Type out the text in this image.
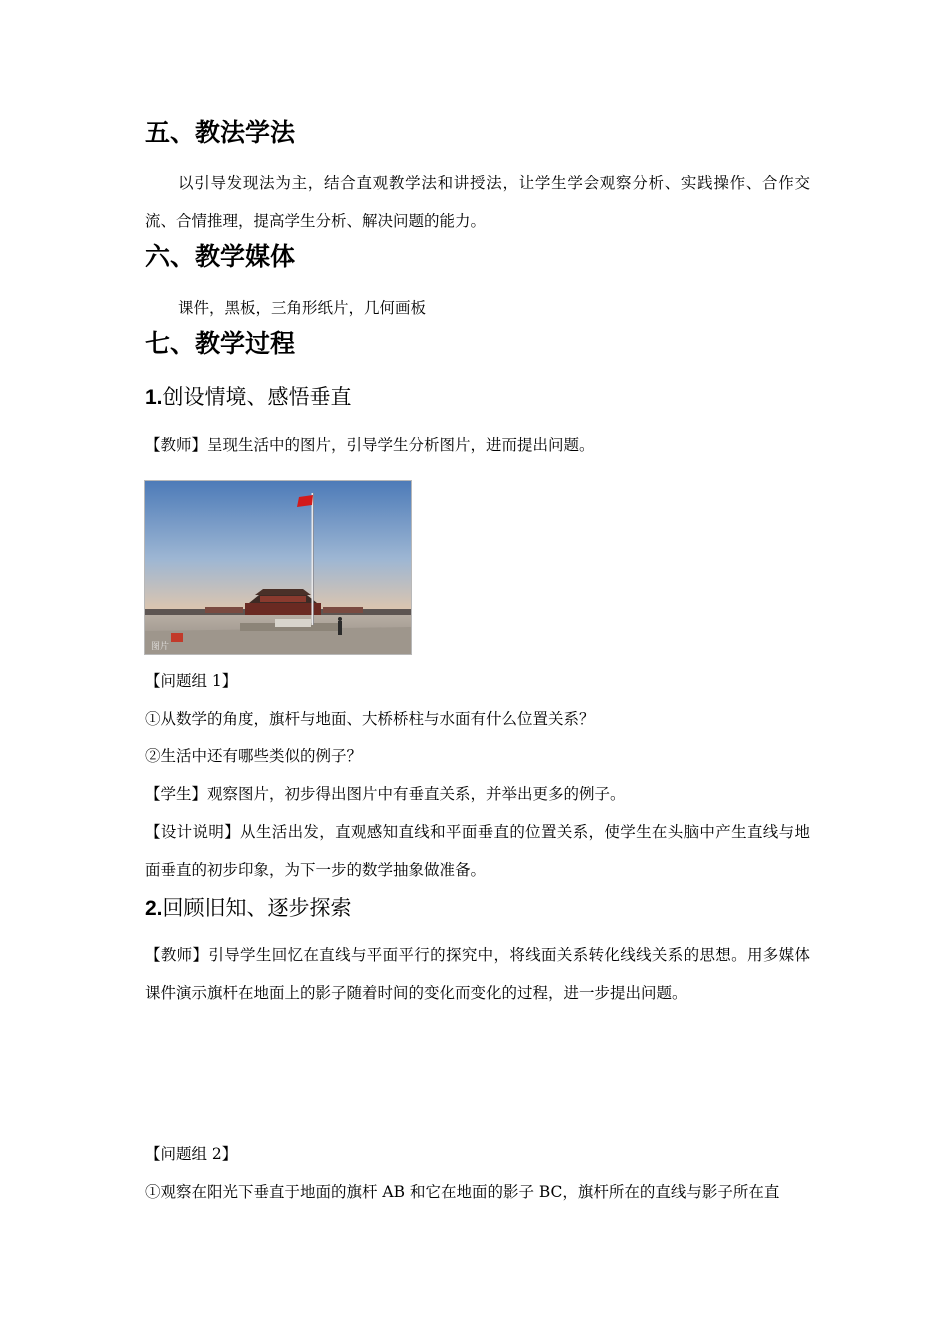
五、教法学法
以引导发现法为主，结合直观教学法和讲授法，让学生学会观察分析、实践操作、合作交流、合情推理，提高学生分析、解决问题的能力。
六、教学媒体
课件，黑板，三角形纸片，几何画板
七、教学过程
1.创设情境、感悟垂直
【教师】呈现生活中的图片，引导学生分析图片，进而提出问题。
图片
【问题组 1】
①从数学的角度，旗杆与地面、大桥桥柱与水面有什么位置关系？
②生活中还有哪些类似的例子？
【学生】观察图片，初步得出图片中有垂直关系，并举出更多的例子。
【设计说明】从生活出发，直观感知直线和平面垂直的位置关系，使学生在头脑中产生直线与地面垂直的初步印象，为下一步的数学抽象做准备。
2.回顾旧知、逐步探索
【教师】引导学生回忆在直线与平面平行的探究中，将线面关系转化线线关系的思想。用多媒体课件演示旗杆在地面上的影子随着时间的变化而变化的过程，进一步提出问题。
【问题组 2】
①观察在阳光下垂直于地面的旗杆 AB 和它在地面的影子 BC，旗杆所在的直线与影子所在直
